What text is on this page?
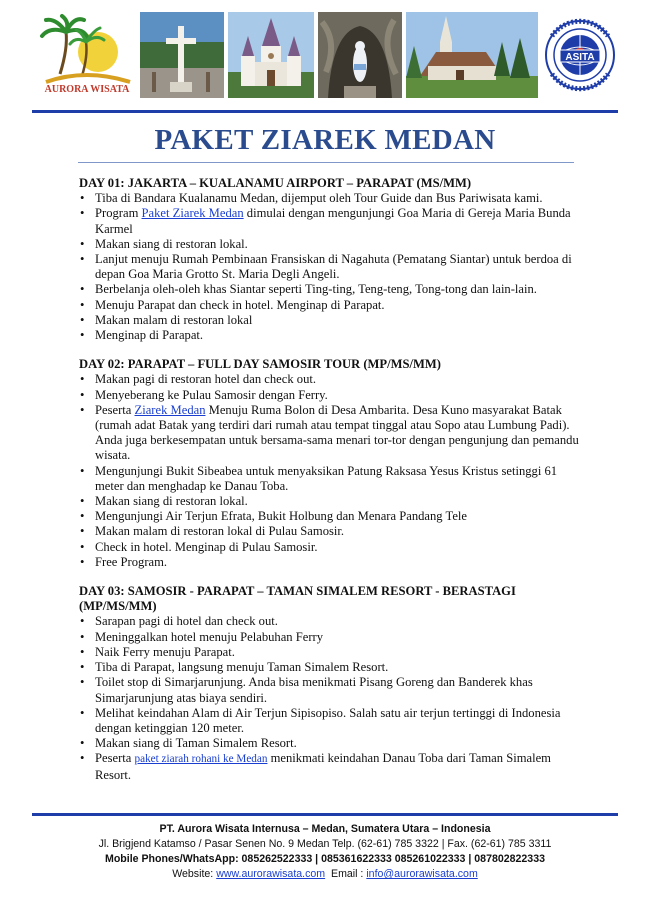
AURORA WISATA
ASITA
PAKET ZIAREK MEDAN
DAY 01: JAKARTA – KUALANAMU AIRPORT – PARAPAT (MS/MM)
• Tiba di Bandara Kualanamu Medan, dijemput oleh Tour Guide dan Bus Pariwisata kami.
• Program Paket Ziarek Medan dimulai dengan mengunjungi Goa Maria di Gereja Maria Bunda Karmel
• Makan siang di restoran lokal.
• Lanjut menuju Rumah Pembinaan Fransiskan di Nagahuta (Pematang Siantar) untuk berdoa di depan Goa Maria Grotto St. Maria Degli Angeli.
• Berbelanja oleh-oleh khas Siantar seperti Ting-ting, Teng-teng, Tong-tong dan lain-lain.
• Menuju Parapat dan check in hotel. Menginap di Parapat.
• Makan malam di restoran lokal
• Menginap di Parapat.
DAY 02: PARAPAT – FULL DAY SAMOSIR TOUR (MP/MS/MM)
• Makan pagi di restoran hotel dan check out.
• Menyeberang ke Pulau Samosir dengan Ferry.
• Peserta Ziarek Medan Menuju Ruma Bolon di Desa Ambarita. Desa Kuno masyarakat Batak (rumah adat Batak yang terdiri dari rumah atau tempat tinggal atau Sopo atau Lumbung Padi). Anda juga berkesempatan untuk bersama-sama menari tor-tor dengan pengunjung dan pemandu wisata.
• Mengunjungi Bukit Sibeabea untuk menyaksikan Patung Raksasa Yesus Kristus setinggi 61 meter dan menghadap ke Danau Toba.
• Makan siang di restoran lokal.
• Mengunjungi Air Terjun Efrata, Bukit Holbung dan Menara Pandang Tele
• Makan malam di restoran lokal di Pulau Samosir.
• Check in hotel. Menginap di Pulau Samosir.
• Free Program.
DAY 03: SAMOSIR - PARAPAT – TAMAN SIMALEM RESORT - BERASTAGI (MP/MS/MM)
• Sarapan pagi di hotel dan check out.
• Meninggalkan hotel menuju Pelabuhan Ferry
• Naik Ferry menuju Parapat.
• Tiba di Parapat, langsung menuju Taman Simalem Resort.
• Toilet stop di Simarjarunjung. Anda bisa menikmati Pisang Goreng dan Banderek khas Simarjarunjung atas biaya sendiri.
• Melihat keindahan Alam di Air Terjun Sipisopiso. Salah satu air terjun tertinggi di Indonesia dengan ketinggian 120 meter.
• Makan siang di Taman Simalem Resort.
• Peserta paket ziarah rohani ke Medan menikmati keindahan Danau Toba dari Taman Simalem Resort.
PT. Aurora Wisata Internusa – Medan, Sumatera Utara – Indonesia
Jl. Brigjend Katamso / Pasar Senen No. 9 Medan Telp. (62-61) 785 3322 | Fax. (62-61) 785 3311
Mobile Phones/WhatsApp: 085262522333 | 085361622333 085261022333 | 087802822333
Website: www.aurorawisata.com Email : info@aurorawisata.com
